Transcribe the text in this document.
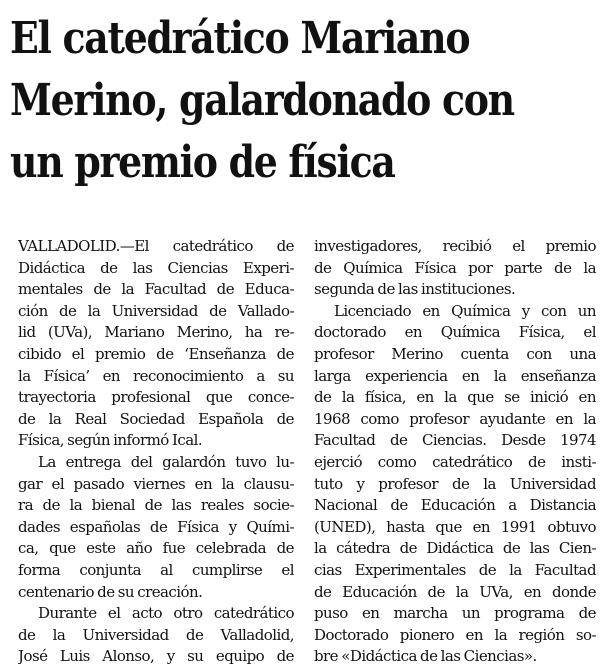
El catedrático Mariano
Merino, galardonado con
un premio de física
VALLADOLID.—El catedrático de
Didáctica de las Ciencias Experi-
mentales de la Facultad de Educa-
ción de la Universidad de Vallado-
lid (UVa), Mariano Merino, ha re-
cibido el premio de ‘Enseñanza de
la Física’ en reconocimiento a su
trayectoria profesional que conce-
de la Real Sociedad Española de
Física, según informó Ical.
La entrega del galardón tuvo lu-
gar el pasado viernes en la clausu-
ra de la bienal de las reales socie-
dades españolas de Física y Quími-
ca, que este año fue celebrada de
forma conjunta al cumplirse el
centenario de su creación.
Durante el acto otro catedrático
de la Universidad de Valladolid,
José Luis Alonso, y su equipo de
investigadores, recibió el premio
de Química Física por parte de la
segunda de las instituciones.
Licenciado en Química y con un
doctorado en Química Física, el
profesor Merino cuenta con una
larga experiencia en la enseñanza
de la física, en la que se inició en
1968 como profesor ayudante en la
Facultad de Ciencias. Desde 1974
ejerció como catedrático de insti-
tuto y profesor de la Universidad
Nacional de Educación a Distancia
(UNED), hasta que en 1991 obtuvo
la cátedra de Didáctica de las Cien-
cias Experimentales de la Facultad
de Educación de la UVa, en donde
puso en marcha un programa de
Doctorado pionero en la región so-
bre «Didáctica de las Ciencias».
